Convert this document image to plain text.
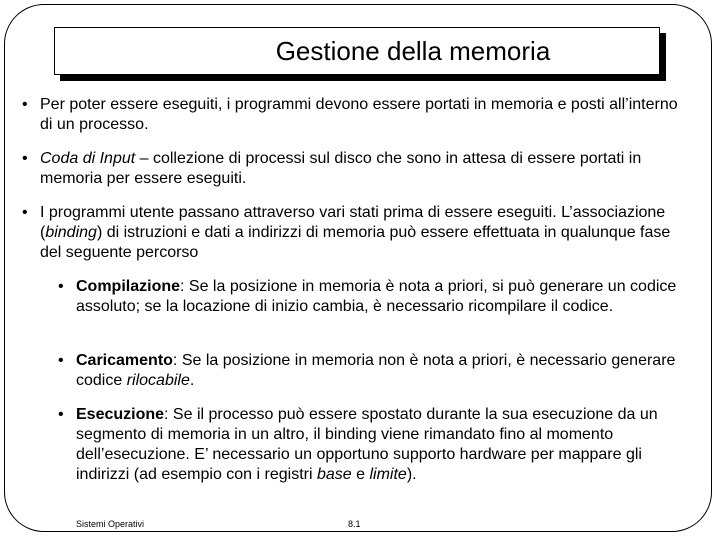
Gestione della memoria
• Per poter essere eseguiti, i programmi devono essere portati in memoria e posti all’interno di un processo.
• Coda di Input – collezione di processi sul disco che sono in attesa di essere portati in memoria per essere eseguiti.
• I programmi utente passano attraverso vari stati prima di essere eseguiti. L’associazione (binding) di istruzioni e dati a indirizzi di memoria può essere effettuata in qualunque fase del seguente percorso
• Compilazione: Se la posizione in memoria è nota a priori, si può generare un codice assoluto; se la locazione di inizio cambia, è necessario ricompilare il codice.
• Caricamento: Se la posizione in memoria non è nota a priori, è necessario generare codice rilocabile.
• Esecuzione: Se il processo può essere spostato durante la sua esecuzione da un segmento di memoria in un altro, il binding viene rimandato fino al momento dell’esecuzione. E’ necessario un opportuno supporto hardware per mappare gli indirizzi (ad esempio con i registri base e limite).
Sistemi Operativi	8.1
